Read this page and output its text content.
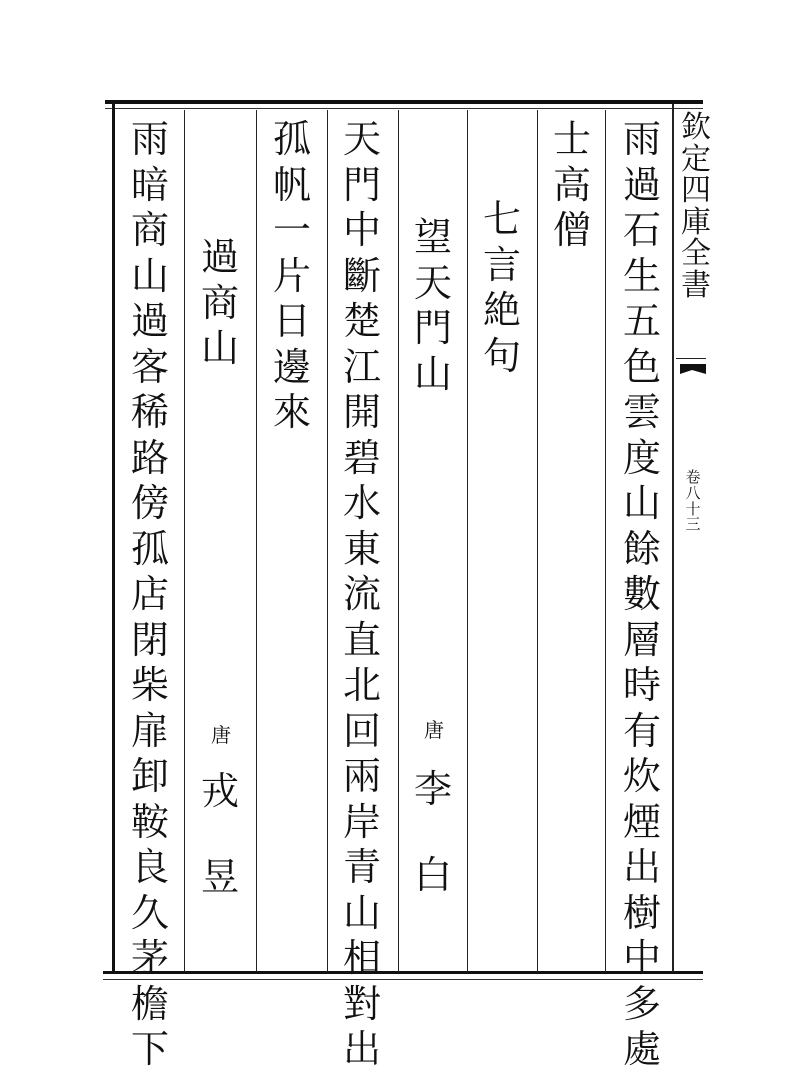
欽
定
四
庫
全
書
卷
八
十
三
雨
過
石
生
五
色
雲
度
山
餘
數
層
時
有
炊
煙
出
樹
中
多
處
士
高
僧
七
言
絶
句
望
天
門
山
唐
李
白
天
門
中
斷
楚
江
開
碧
水
東
流
直
北
回
兩
岸
青
山
相
對
出
孤
帆
一
片
日
邊
來
過
商
山
唐
戎
昱
雨
暗
商
山
過
客
稀
路
傍
孤
店
閉
柴
扉
卸
鞍
良
久
茅
檐
下
